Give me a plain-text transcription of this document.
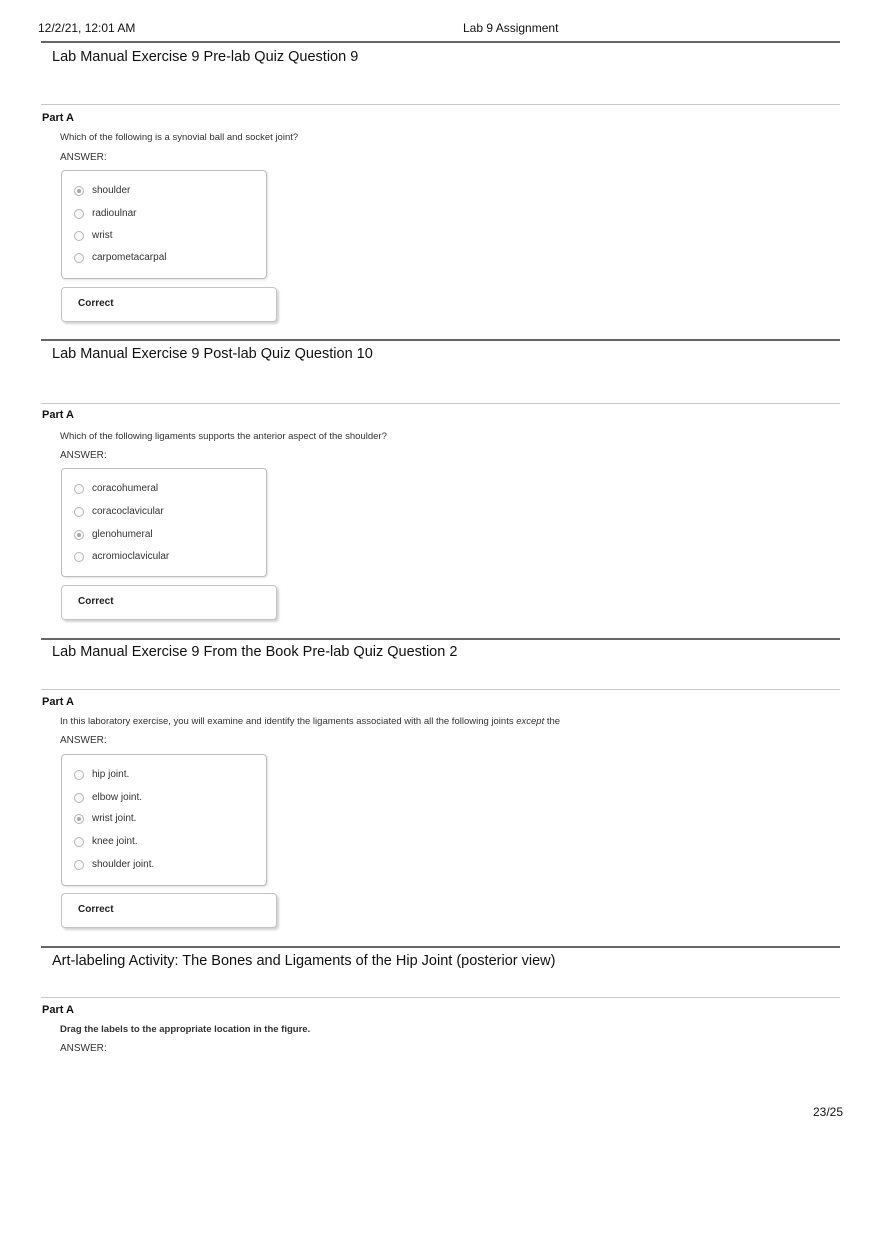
12/2/21, 12:01 AM	Lab 9 Assignment
Lab Manual Exercise 9 Pre-lab Quiz Question 9
Part A
Which of the following is a synovial ball and socket joint?
ANSWER:
shoulder
radioulnar
wrist
carpometacarpal
Correct
Lab Manual Exercise 9 Post-lab Quiz Question 10
Part A
Which of the following ligaments supports the anterior aspect of the shoulder?
ANSWER:
coracohumeral
coracoclavicular
glenohumeral
acromioclavicular
Correct
Lab Manual Exercise 9 From the Book Pre-lab Quiz Question 2
Part A
In this laboratory exercise, you will examine and identify the ligaments associated with all the following joints except the
ANSWER:
hip joint.
elbow joint.
wrist joint.
knee joint.
shoulder joint.
Correct
Art-labeling Activity: The Bones and Ligaments of the Hip Joint (posterior view)
Part A
Drag the labels to the appropriate location in the figure.
ANSWER:
23/25
